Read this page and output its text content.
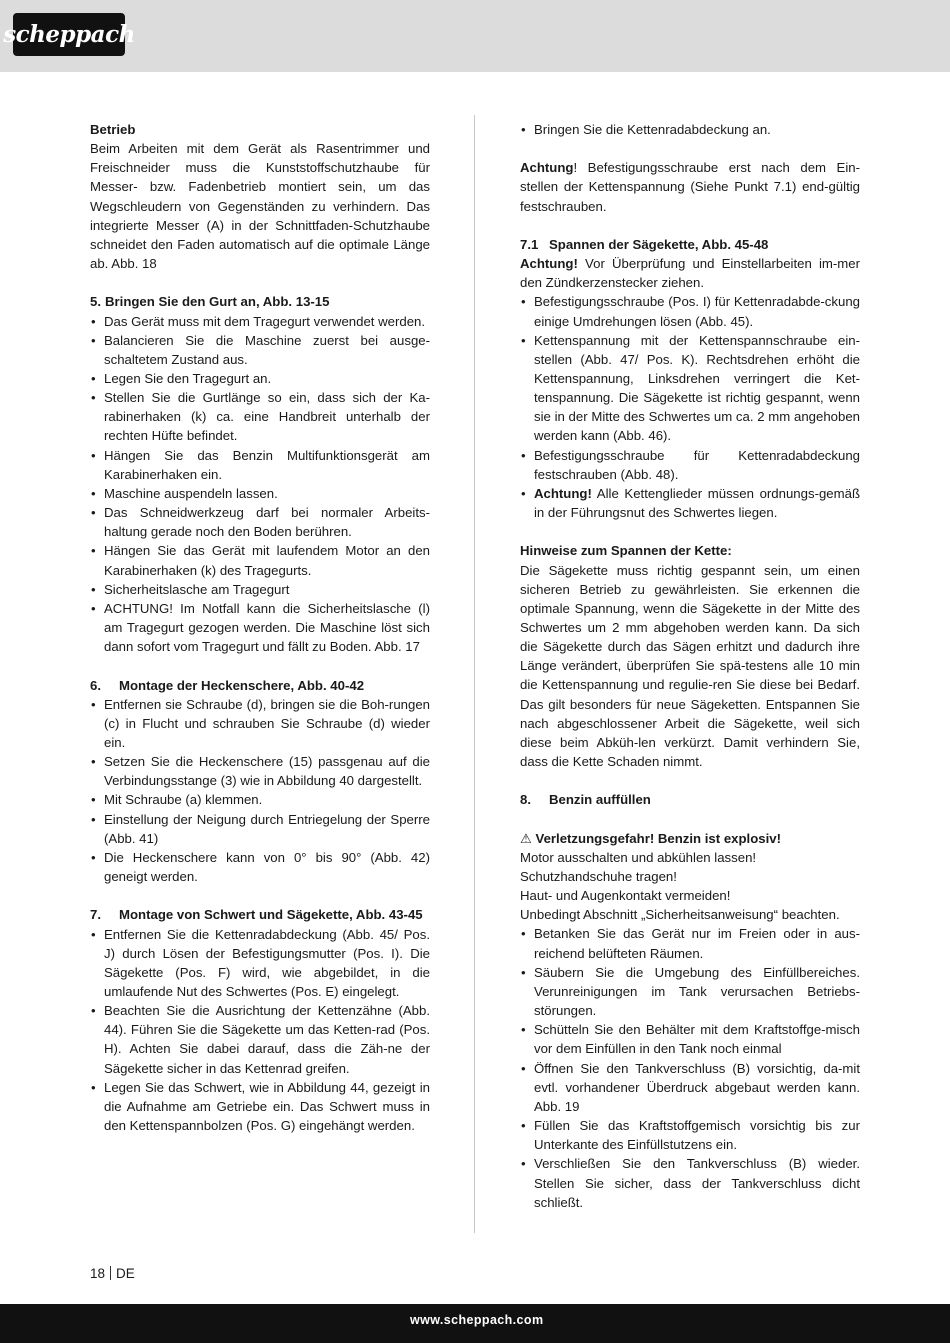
scheppach

Betrieb

Beim Arbeiten mit dem Gerät als Rasentrimmer und Freischneider muss die Kunststoffschutzhaube für Messer- bzw. Fadenbetrieb montiert sein, um das Wegschleudern von Gegenständen zu verhindern. Das integrierte Messer (A) in der Schnittfaden-Schutzhaube schneidet den Faden automatisch auf die optimale Länge ab. Abb. 18

5. Bringen Sie den Gurt an, Abb. 13-15
• Das Gerät muss mit dem Tragegurt verwendet werden.
• Balancieren Sie die Maschine zuerst bei ausge-schaltetem Zustand aus.
• Legen Sie den Tragegurt an.
• Stellen Sie die Gurtlänge so ein, dass sich der Ka-rabinerhaken (k) ca. eine Handbreit unterhalb der rechten Hüfte befindet.
• Hängen Sie das Benzin Multifunktionsgerät am Karabinerhaken ein.
• Maschine auspendeln lassen.
• Das Schneidwerkzeug darf bei normaler Arbeits-haltung gerade noch den Boden berühren.
• Hängen Sie das Gerät mit laufendem Motor an den Karabinerhaken (k) des Tragegurts.
• Sicherheitslasche am Tragegurt
• ACHTUNG! Im Notfall kann die Sicherheitslasche (l) am Tragegurt gezogen werden. Die Maschine löst sich dann sofort vom Tragegurt und fällt zu Boden. Abb. 17
6.	Montage der Heckenschere, Abb. 40-42
• Entfernen sie Schraube (d), bringen sie die Boh-rungen (c) in Flucht und schrauben Sie Schraube (d) wieder ein.
• Setzen Sie die Heckenschere (15) passgenau auf die Verbindungsstange (3) wie in Abbildung 40 dargestellt.
• Mit Schraube (a) klemmen.
• Einstellung der Neigung durch Entriegelung der Sperre (Abb. 41)
• Die Heckenschere kann von 0° bis 90° (Abb. 42) geneigt werden.
7.	Montage von Schwert und Sägekette, Abb. 43-45
• Entfernen Sie die Kettenradabdeckung (Abb. 45/ Pos. J) durch Lösen der Befestigungsmutter (Pos. I). Die Sägekette (Pos. F) wird, wie abgebildet, in die umlaufende Nut des Schwertes (Pos. E) eingelegt.
• Beachten Sie die Ausrichtung der Kettenzähne (Abb. 44). Führen Sie die Sägekette um das Ketten-rad (Pos. H). Achten Sie dabei darauf, dass die Zäh-ne der Sägekette sicher in das Kettenrad greifen.
• Legen Sie das Schwert, wie in Abbildung 44, gezeigt in die Aufnahme am Getriebe ein. Das Schwert muss in den Kettenspannbolzen (Pos. G) eingehängt werden.
• Bringen Sie die Kettenradabdeckung an.

Achtung! Befestigungsschraube erst nach dem Ein-stellen der Kettenspannung (Siehe Punkt 7.1) end-gültig festschrauben.

7.1 Spannen der Sägekette, Abb. 45-48

Achtung! Vor Überprüfung und Einstellarbeiten im-mer den Zündkerzenstecker ziehen.

• Befestigungsschraube (Pos. I) für Kettenradabde-ckung einige Umdrehungen lösen (Abb. 45).
• Kettenspannung mit der Kettenspannschraube ein-stellen (Abb. 47/ Pos. K). Rechtsdrehen erhöht die Kettenspannung, Linksdrehen verringert die Ket-tenspannung. Die Sägekette ist richtig gespannt, wenn sie in der Mitte des Schwertes um ca. 2 mm angehoben werden kann (Abb. 46).
• Befestigungsschraube für Kettenradabdeckung festschrauben (Abb. 48).
• Achtung! Alle Kettenglieder müssen ordnungs-gemäß in der Führungsnut des Schwertes liegen.

Hinweise zum Spannen der Kette:

Die Sägekette muss richtig gespannt sein, um einen sicheren Betrieb zu gewährleisten. Sie erkennen die optimale Spannung, wenn die Sägekette in der Mitte des Schwertes um 2 mm abgehoben werden kann. Da sich die Sägekette durch das Sägen erhitzt und dadurch ihre Länge verändert, überprüfen Sie spä-testens alle 10 min die Kettenspannung und regulie-ren Sie diese bei Bedarf. Das gilt besonders für neue Sägeketten. Entspannen Sie nach abgeschlossener Arbeit die Sägekette, weil sich diese beim Abküh-len verkürzt. Damit verhindern Sie, dass die Kette Schaden nimmt.

8.	Benzin auffüllen

⚠ Verletzungsgefahr! Benzin ist explosiv!

Motor ausschalten und abkühlen lassen!

Schutzhandschuhe tragen!

Haut- und Augenkontakt vermeiden!

Unbedingt Abschnitt „Sicherheitsanweisung“ beachten.

• Betanken Sie das Gerät nur im Freien oder in aus-reichend belüfteten Räumen.
• Säubern Sie die Umgebung des Einfüllbereiches. Verunreinigungen im Tank verursachen Betriebs-störungen.
• Schütteln Sie den Behälter mit dem Kraftstoffge-misch vor dem Einfüllen in den Tank noch einmal
• Öffnen Sie den Tankverschluss (B) vorsichtig, da-mit evtl. vorhandener Überdruck abgebaut werden kann. Abb. 19
• Füllen Sie das Kraftstoffgemisch vorsichtig bis zur Unterkante des Einfüllstutzens ein.
• Verschließen Sie den Tankverschluss (B) wieder. Stellen Sie sicher, dass der Tankverschluss dicht schließt.
18 DE
www.scheppach.com
